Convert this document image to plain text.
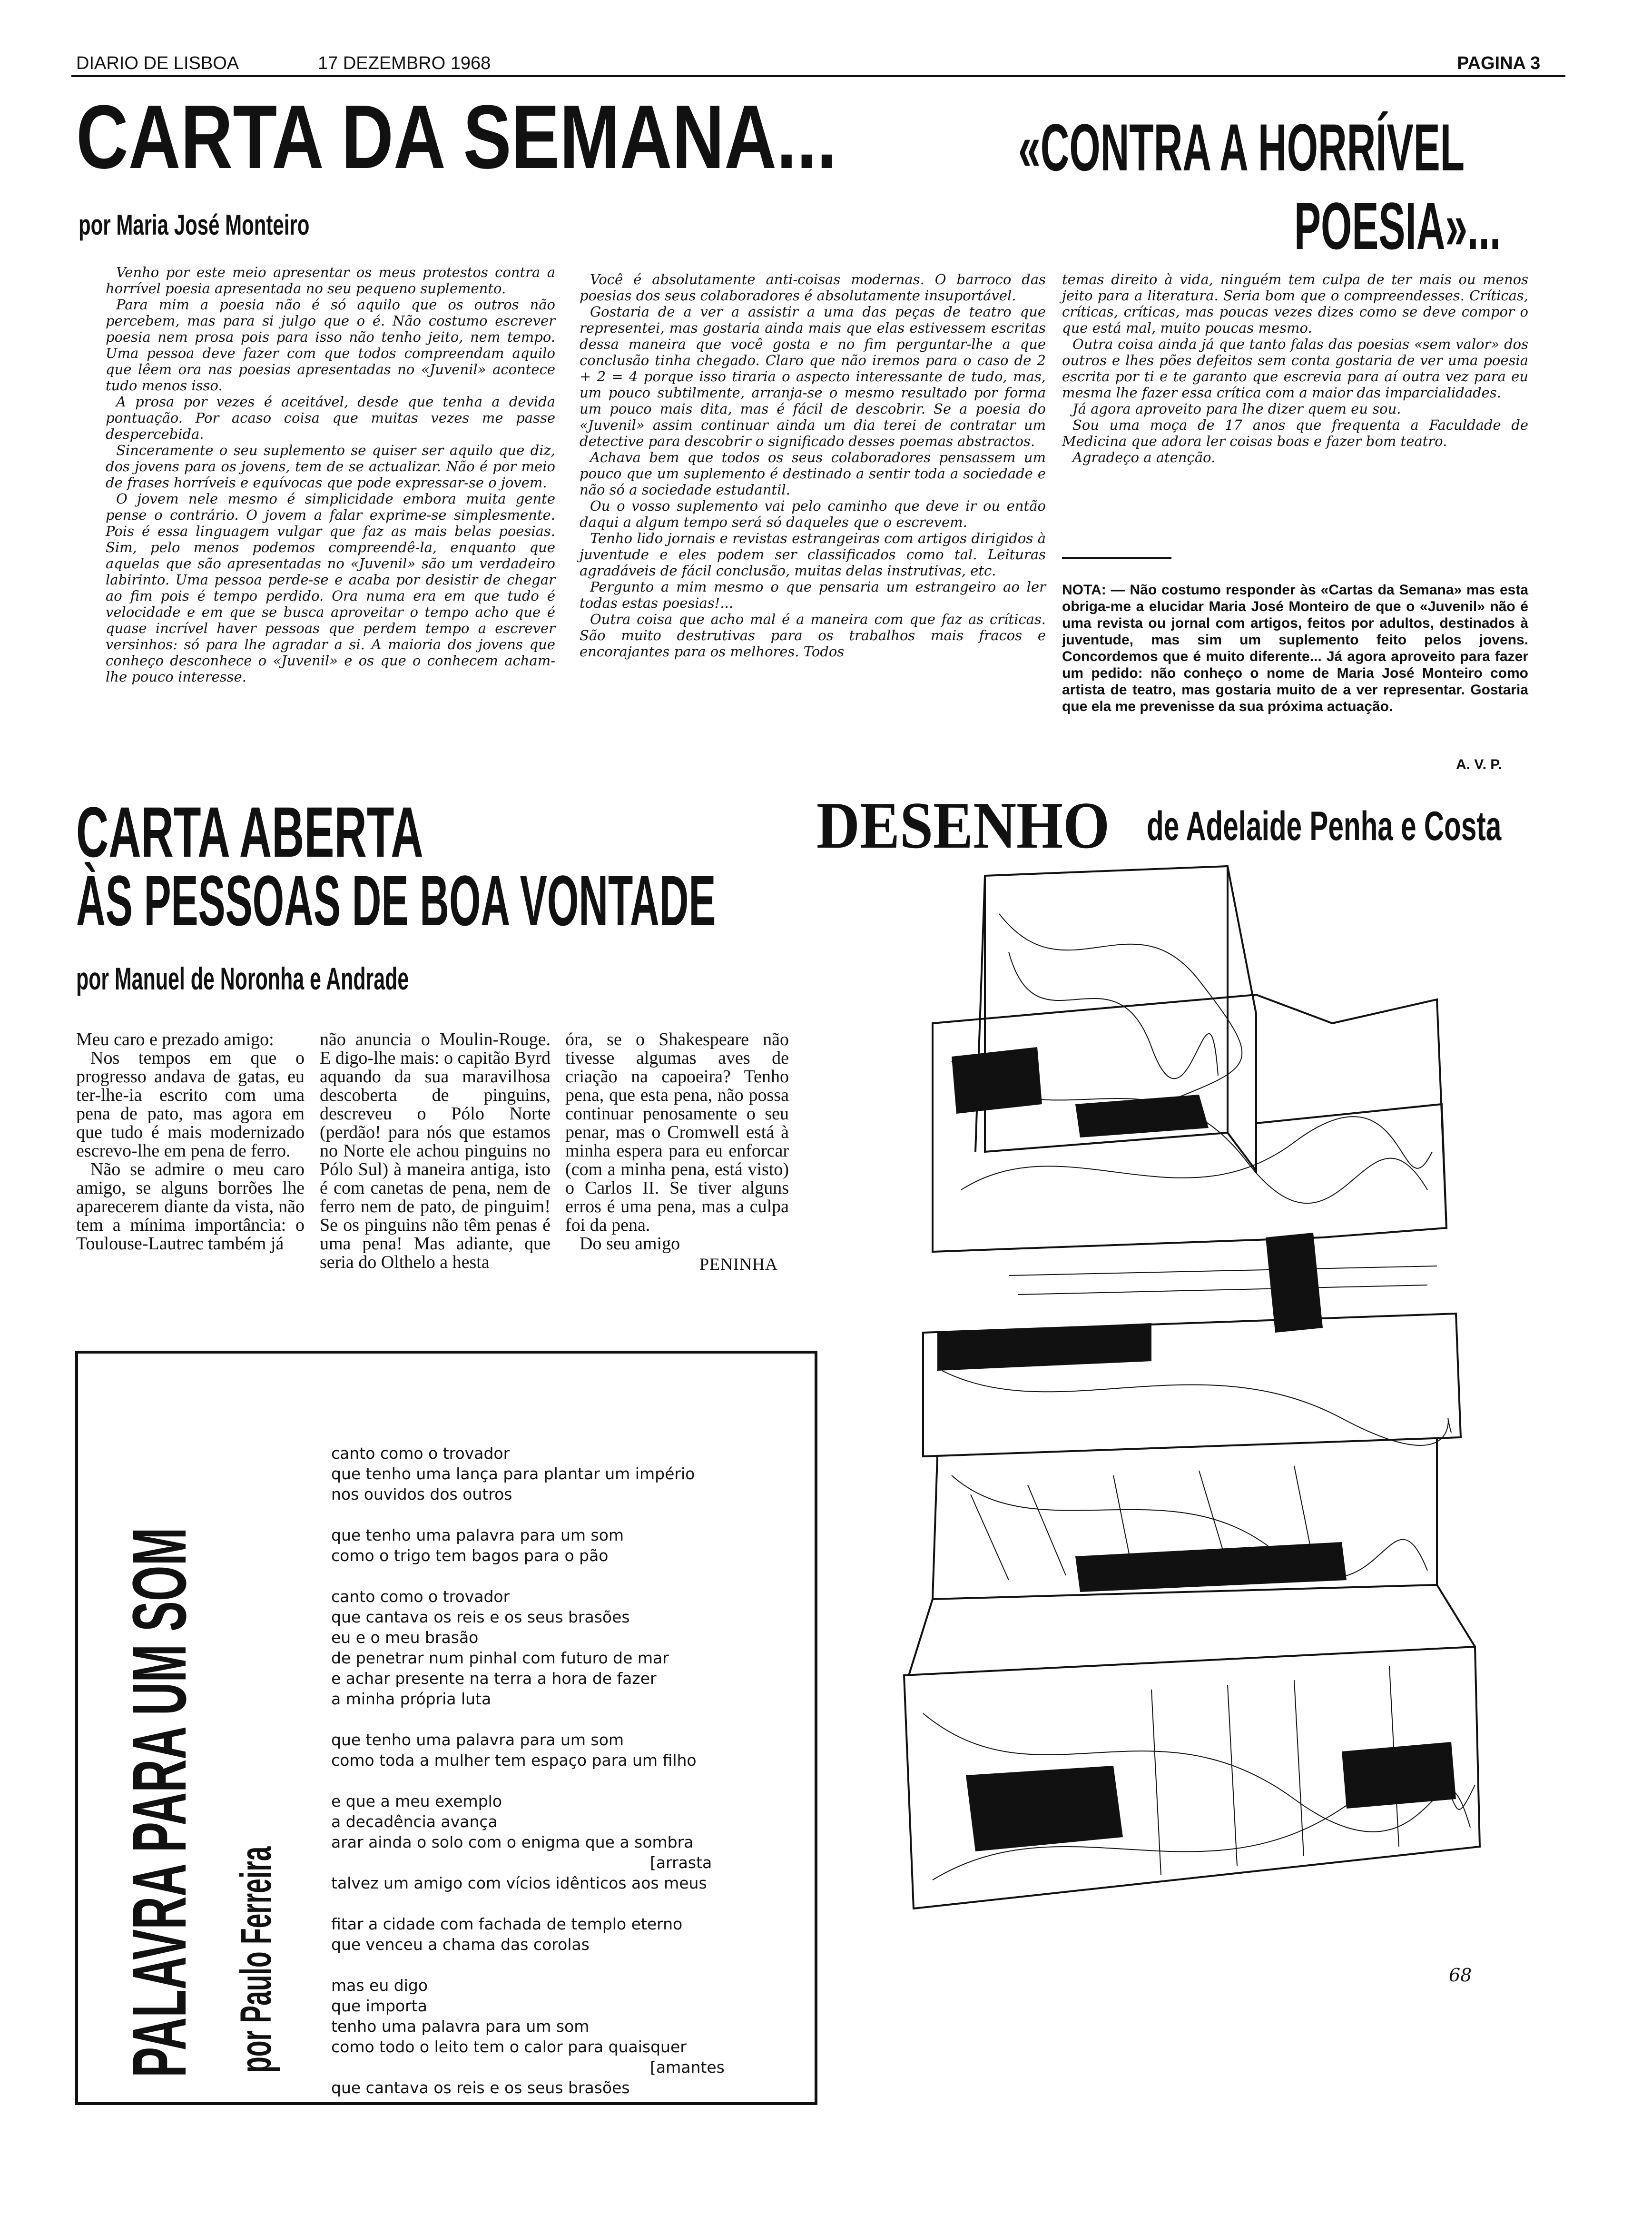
DIARIO DE LISBOA	17 DEZEMBRO 1968	PAGINA 3
CARTA DA SEMANA...	«CONTRA A HORRÍVEL
POESIA»...
por Maria José Monteiro

Venho por este meio apresentar os meus protestos contra a horrível poesia apresentada no seu pequeno suplemento.

Para mim a poesia não é só aquilo que os outros não percebem, mas para si julgo que o é. Não costumo escrever poesia nem prosa pois para isso não tenho jeito, nem tempo. Uma pessoa deve fazer com que todos compreendam aquilo que lêem ora nas poesias apresentadas no «Juvenil» acontece tudo menos isso.

A prosa por vezes é aceitável, desde que tenha a devida pontuação. Por acaso coisa que muitas vezes me passe despercebida.

Sinceramente o seu suplemento se quiser ser aquilo que diz, dos jovens para os jovens, tem de se actualizar. Não é por meio de frases horríveis e equívocas que pode expressar-se o jovem.

O jovem nele mesmo é simplicidade embora muita gente pense o contrário. O jovem a falar exprime-se simplesmente. Pois é essa linguagem vulgar que faz as mais belas poesias. Sim, pelo menos podemos compreendê-la, enquanto que aquelas que são apresentadas no «Juvenil» são um verdadeiro labirinto. Uma pessoa perde-se e acaba por desistir de chegar ao fim pois é tempo perdido. Ora numa era em que tudo é velocidade e em que se busca aproveitar o tempo acho que é quase incrível haver pessoas que perdem tempo a escrever versinhos: só para lhe agradar a si. A maioria dos jovens que conheço desconhece o «Juvenil» e os que o conhecem acham-lhe pouco interesse.

Você é absolutamente anti-coisas modernas. O barroco das poesias dos seus colaboradores é absolutamente insuportável.

Gostaria de a ver a assistir a uma das peças de teatro que representei, mas gostaria ainda mais que elas estivessem escritas dessa maneira que você gosta e no fim perguntar-lhe a que conclusão tinha chegado. Claro que não iremos para o caso de 2 + 2 = 4 porque isso tiraria o aspecto interessante de tudo, mas, um pouco subtilmente, arranja-se o mesmo resultado por forma um pouco mais dita, mas é fácil de descobrir. Se a poesia do «Juvenil» assim continuar ainda um dia terei de contratar um detective para descobrir o significado desses poemas abstractos.

Achava bem que todos os seus colaboradores pensassem um pouco que um suplemento é destinado a sentir toda a sociedade e não só a sociedade estudantil.

Ou o vosso suplemento vai pelo caminho que deve ir ou então daqui a algum tempo será só daqueles que o escrevem.

Tenho lido jornais e revistas estrangeiras com artigos dirigidos à juventude e eles podem ser classificados como tal. Leituras agradáveis de fácil conclusão, muitas delas instrutivas, etc.

Pergunto a mim mesmo o que pensaria um estrangeiro ao ler todas estas poesias!...

Outra coisa que acho mal é a maneira com que faz as críticas. São muito destrutivas para os trabalhos mais fracos e encorajantes para os melhores. Todos

temas direito à vida, ninguém tem culpa de ter mais ou menos jeito para a literatura. Seria bom que o compreendesses. Críticas, críticas, críticas, mas poucas vezes dizes como se deve compor o que está mal, muito poucas mesmo.

Outra coisa ainda já que tanto falas das poesias «sem valor» dos outros e lhes pões defeitos sem conta gostaria de ver uma poesia escrita por ti e te garanto que escrevia para aí outra vez para eu mesma lhe fazer essa crítica com a maior das imparcialidades.

Já agora aproveito para lhe dizer quem eu sou.

Sou uma moça de 17 anos que frequenta a Faculdade de Medicina que adora ler coisas boas e fazer bom teatro.

Agradeço a atenção.

NOTA: — Não costumo responder às «Cartas da Semana» mas esta obriga-me a elucidar Maria José Monteiro de que o «Juvenil» não é uma revista ou jornal com artigos, feitos por adultos, destinados à juventude, mas sim um suplemento feito pelos jovens. Concordemos que é muito diferente... Já agora aproveito para fazer um pedido: não conheço o nome de Maria José Monteiro como artista de teatro, mas gostaria muito de a ver representar. Gostaria que ela me prevenisse da sua próxima actuação.
A. V. P.
CARTA ABERTA
ÀS PESSOAS DE BOA VONTADE
por Manuel de Noronha e Andrade

Meu caro e prezado amigo:

Nos tempos em que o progresso andava de gatas, eu ter-lhe-ia escrito com uma pena de pato, mas agora em que tudo é mais modernizado escrevo-lhe em pena de ferro.

Não se admire o meu caro amigo, se alguns borrões lhe aparecerem diante da vista, não tem a mínima importância: o Toulouse-Lautrec também já

não anuncia o Moulin-Rouge. E digo-lhe mais: o capitão Byrd aquando da sua maravilhosa descoberta de pinguins, descreveu o Pólo Norte (perdão! para nós que estamos no Norte ele achou pinguins no Pólo Sul) à maneira antiga, isto é com canetas de pena, nem de ferro nem de pato, de pinguim! Se os pinguins não têm penas é uma pena! Mas adiante, que seria do Olthelo a hesta

óra, se o Shakespeare não tivesse algumas aves de criação na capoeira? Tenho pena, que esta pena, não possa continuar penosamente o seu penar, mas o Cromwell está à minha espera para eu enforcar (com a minha pena, está visto) o Carlos II. Se tiver alguns erros é uma pena, mas a culpa foi da pena.

Do seu amigo

PENINHA
DESENHO de Adelaide Penha e Costa
68
PALAVRA PARA UM SOM por Paulo Ferreira
canto como o trovador
que tenho uma lança para plantar um império
nos ouvidos dos outros
que tenho uma palavra para um som
como o trigo tem bagos para o pão
canto como o trovador
que cantava os reis e os seus brasões
eu e o meu brasão
de penetrar num pinhal com futuro de mar
e achar presente na terra a hora de fazer
a minha própria luta
que tenho uma palavra para um som
como toda a mulher tem espaço para um filho
e que a meu exemplo
a decadência avança
arar ainda o solo com o enigma que a sombra
[arrasta
talvez um amigo com vícios idênticos aos meus
fitar a cidade com fachada de templo eterno
que venceu a chama das corolas
mas eu digo
que importa
tenho uma palavra para um som
como todo o leito tem o calor para quaisquer
[amantes
que cantava os reis e os seus brasões
